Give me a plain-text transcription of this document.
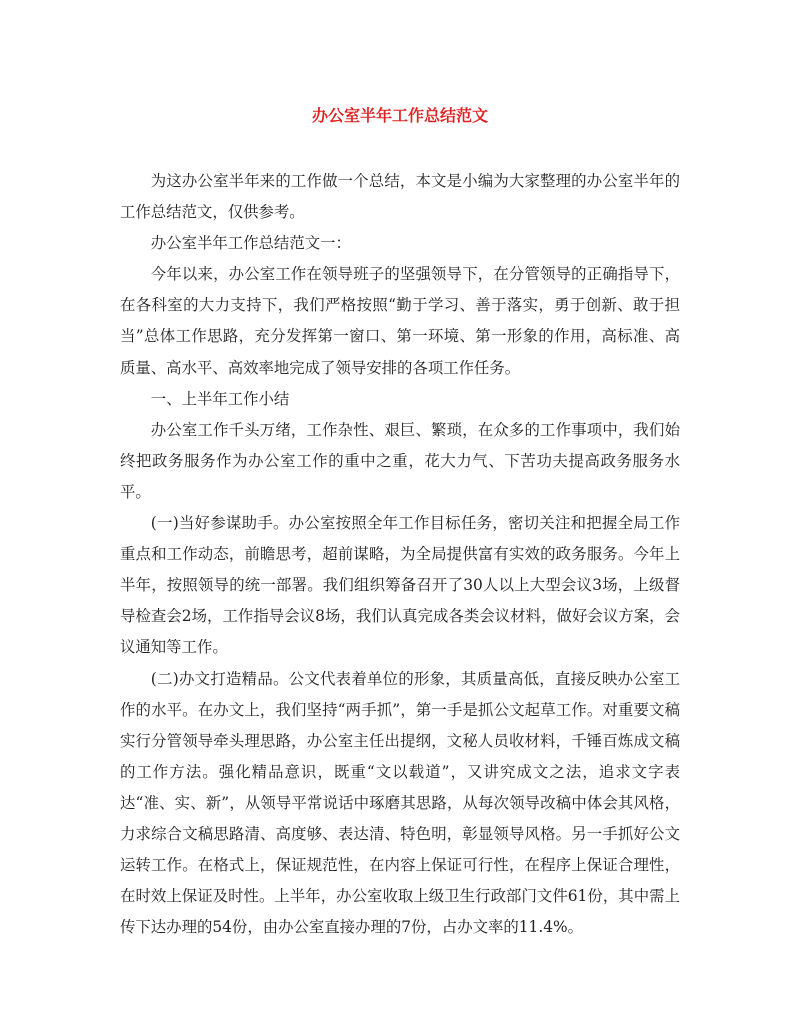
办公室半年工作总结范文

为这办公室半年来的工作做一个总结，本文是小编为大家整理的办公室半年的工作总结范文，仅供参考。

办公室半年工作总结范文一：

今年以来，办公室工作在领导班子的坚强领导下，在分管领导的正确指导下，在各科室的大力支持下，我们严格按照“勤于学习、善于落实，勇于创新、敢于担当”总体工作思路，充分发挥第一窗口、第一环境、第一形象的作用，高标准、高质量、高水平、高效率地完成了领导安排的各项工作任务。

一、上半年工作小结

办公室工作千头万绪，工作杂性、艰巨、繁琐，在众多的工作事项中，我们始终把政务服务作为办公室工作的重中之重，花大力气、下苦功夫提高政务服务水平。

(一)当好参谋助手。办公室按照全年工作目标任务，密切关注和把握全局工作重点和工作动态，前瞻思考，超前谋略，为全局提供富有实效的政务服务。今年上半年，按照领导的统一部署。我们组织筹备召开了30人以上大型会议3场，上级督导检查会2场，工作指导会议8场，我们认真完成各类会议材料，做好会议方案，会议通知等工作。

(二)办文打造精品。公文代表着单位的形象，其质量高低，直接反映办公室工作的水平。在办文上，我们坚持“两手抓”，第一手是抓公文起草工作。对重要文稿实行分管领导牵头理思路，办公室主任出提纲，文秘人员收材料，千锤百炼成文稿的工作方法。强化精品意识，既重“文以载道”，又讲究成文之法，追求文字表达“准、实、新”，从领导平常说话中琢磨其思路，从每次领导改稿中体会其风格，力求综合文稿思路清、高度够、表达清、特色明，彰显领导风格。另一手抓好公文运转工作。在格式上，保证规范性，在内容上保证可行性，在程序上保证合理性，在时效上保证及时性。上半年，办公室收取上级卫生行政部门文件61份，其中需上传下达办理的54份，由办公室直接办理的7份，占办文率的11.4%。
